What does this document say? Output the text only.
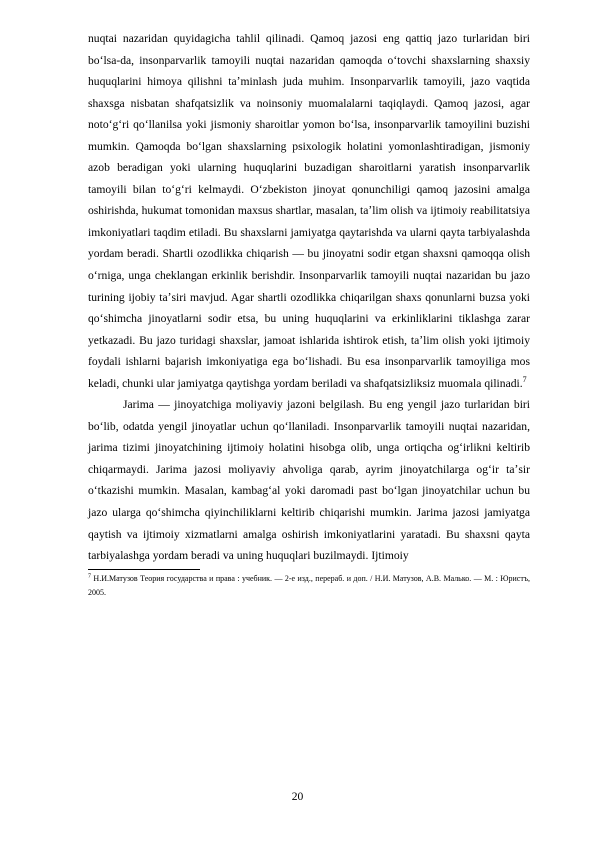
nuqtai nazaridan quyidagicha tahlil qilinadi. Qamoq jazosi eng qattiq jazo turlaridan biri bo‘lsa-da, insonparvarlik tamoyili nuqtai nazaridan qamoqda o‘tovchi shaxslarning shaxsiy huquqlarini himoya qilishni taʼminlash juda muhim. Insonparvarlik tamoyili, jazo vaqtida shaxsga nisbatan shafqatsizlik va noinsoniy muomalalarni taqiqlaydi. Qamoq jazosi, agar noto‘g‘ri qo‘llanilsa yoki jismoniy sharoitlar yomon bo‘lsa, insonparvarlik tamoyilini buzishi mumkin. Qamoqda bo‘lgan shaxslarning psixologik holatini yomonlashtiradigan, jismoniy azob beradigan yoki ularning huquqlarini buzadigan sharoitlarni yaratish insonparvarlik tamoyili bilan to‘g‘ri kelmaydi. O‘zbekiston jinoyat qonunchiligi qamoq jazosini amalga oshirishda, hukumat tomonidan maxsus shartlar, masalan, taʼlim olish va ijtimoiy reabilitatsiya imkoniyatlari taqdim etiladi. Bu shaxslarni jamiyatga qaytarishda va ularni qayta tarbiyalashda yordam beradi. Shartli ozodlikka chiqarish — bu jinoyatni sodir etgan shaxsni qamoqqa olish o‘rniga, unga cheklangan erkinlik berishdir. Insonparvarlik tamoyili nuqtai nazaridan bu jazo turining ijobiy taʼsiri mavjud. Agar shartli ozodlikka chiqarilgan shaxs qonunlarni buzsa yoki qo‘shimcha jinoyatlarni sodir etsa, bu uning huquqlarini va erkinliklarini tiklashga zarar yetkazadi. Bu jazo turidagi shaxslar, jamoat ishlarida ishtirok etish, taʼlim olish yoki ijtimoiy foydali ishlarni bajarish imkoniyatiga ega bo‘lishadi. Bu esa insonparvarlik tamoyiliga mos keladi, chunki ular jamiyatga qaytishga yordam beriladi va shafqatsizliksiz muomala qilinadi.$^7$

Jarima — jinoyatchiga moliyaviy jazoni belgilash. Bu eng yengil jazo turlaridan biri bo‘lib, odatda yengil jinoyatlar uchun qo‘llaniladi. Insonparvarlik tamoyili nuqtai nazaridan, jarima tizimi jinoyatchining ijtimoiy holatini hisobga olib, unga ortiqcha og‘irlikni keltirib chiqarmaydi. Jarima jazosi moliyaviy ahvoliga qarab, ayrim jinoyatchilarga og‘ir taʼsir o‘tkazishi mumkin. Masalan, kambag‘al yoki daromadi past bo‘lgan jinoyatchilar uchun bu jazo ularga qo‘shimcha qiyinchiliklarni keltirib chiqarishi mumkin. Jarima jazosi jamiyatga qaytish va ijtimoiy xizmatlarni amalga oshirish imkoniyatlarini yaratadi. Bu shaxsni qayta tarbiyalashga yordam beradi va uning huquqlari buzilmaydi. Ijtimoiy

$^7$ Н.И.Матузов Теория государства и права : учебник. — 2-е изд., перераб. и доп. / Н.И. Матузов, А.В. Малько. — М. : Юристъ, 2005.

20
